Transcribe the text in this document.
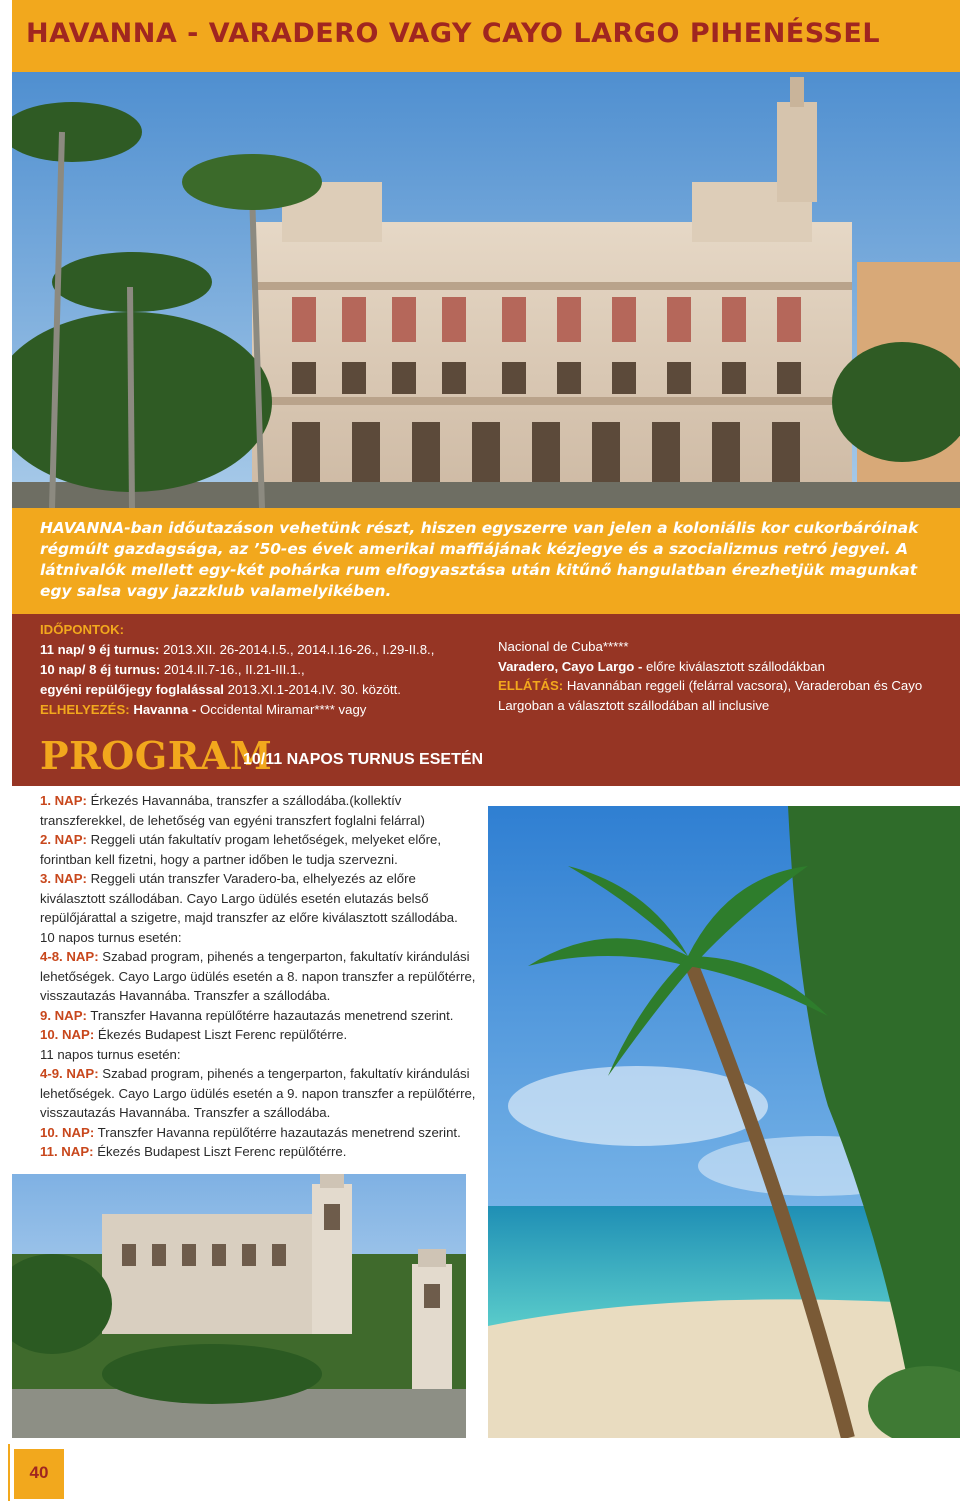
HAVANNA - VARADERO VAGY CAYO LARGO PIHENÉSSEL
HAVANNA-ban időutazáson vehetünk részt, hiszen egyszerre van jelen a koloniális kor cukorbáróinak régmúlt gazdagsága, az ’50-es évek amerikai maffiájának kézjegye és a szocializmus retró jegyei. A látnivalók mellett egy-két pohárka rum elfogyasztása után kitűnő hangulatban érezhetjük magunkat egy salsa vagy jazzklub valamelyikében.
IDŐPONTOK:
11 nap/ 9 éj turnus: 2013.XII. 26-2014.I.5., 2014.I.16-26., I.29-II.8.,
10 nap/ 8 éj turnus: 2014.II.7-16., II.21-III.1.,
egyéni repülőjegy foglalással 2013.XI.1-2014.IV. 30. között.
ELHELYEZÉS: Havanna - Occidental Miramar**** vagy
Nacional de Cuba*****
Varadero, Cayo Largo - előre kiválasztott szállodákban
ELLÁTÁS: Havannában reggeli (felárral vacsora), Varaderoban és Cayo Largoban a választott szállodában all inclusive
PROGRAM
10/11 NAPOS TURNUS ESETÉN
1. NAP: Érkezés Havannába, transzfer a szállodába.(kollektív transzferekkel, de lehetőség van egyéni transzfert foglalni felárral)
2. NAP: Reggeli után fakultatív progam lehetőségek, melyeket előre, forintban kell fizetni, hogy a partner időben le tudja szervezni.
3. NAP: Reggeli után transzfer Varadero-ba, elhelyezés az előre kiválasztott szállodában. Cayo Largo üdülés esetén elutazás belső repülőjárattal a szigetre, majd transzfer az előre kiválasztott szállodába.
10 napos turnus esetén:
4-8. NAP: Szabad program, pihenés a tengerparton, fakultatív kirándulási lehetőségek. Cayo Largo üdülés esetén a 8. napon transzfer a repülőtérre, visszautazás Havannába. Transzfer a szállodába.
9. NAP: Transzfer Havanna repülőtérre hazautazás menetrend szerint.
10. NAP: Ékezés Budapest Liszt Ferenc repülőtérre.
11 napos turnus esetén:
4-9. NAP: Szabad program, pihenés a tengerparton, fakultatív kirándulási lehetőségek. Cayo Largo üdülés esetén a 9. napon transzfer a repülőtérre, visszautazás Havannába. Transzfer a szállodába.
10. NAP: Transzfer Havanna repülőtérre hazautazás menetrend szerint.
11. NAP: Ékezés Budapest Liszt Ferenc repülőtérre.
40
